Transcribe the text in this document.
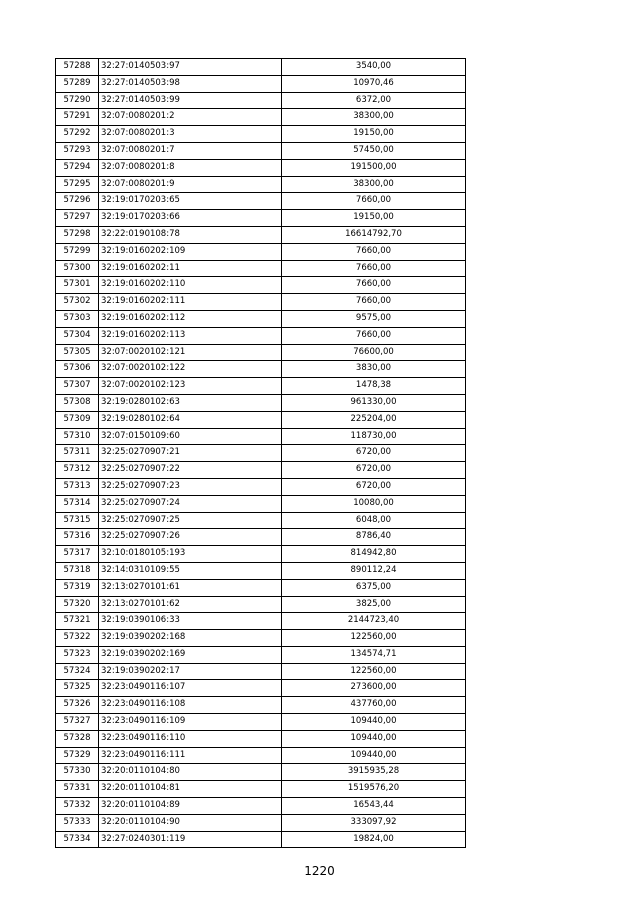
57288	32:27:0140503:97	3540,00
57289	32:27:0140503:98	10970,46
57290	32:27:0140503:99	6372,00
57291	32:07:0080201:2	38300,00
57292	32:07:0080201:3	19150,00
57293	32:07:0080201:7	57450,00
57294	32:07:0080201:8	191500,00
57295	32:07:0080201:9	38300,00
57296	32:19:0170203:65	7660,00
57297	32:19:0170203:66	19150,00
57298	32:22:0190108:78	16614792,70
57299	32:19:0160202:109	7660,00
57300	32:19:0160202:11	7660,00
57301	32:19:0160202:110	7660,00
57302	32:19:0160202:111	7660,00
57303	32:19:0160202:112	9575,00
57304	32:19:0160202:113	7660,00
57305	32:07:0020102:121	76600,00
57306	32:07:0020102:122	3830,00
57307	32:07:0020102:123	1478,38
57308	32:19:0280102:63	961330,00
57309	32:19:0280102:64	225204,00
57310	32:07:0150109:60	118730,00
57311	32:25:0270907:21	6720,00
57312	32:25:0270907:22	6720,00
57313	32:25:0270907:23	6720,00
57314	32:25:0270907:24	10080,00
57315	32:25:0270907:25	6048,00
57316	32:25:0270907:26	8786,40
57317	32:10:0180105:193	814942,80
57318	32:14:0310109:55	890112,24
57319	32:13:0270101:61	6375,00
57320	32:13:0270101:62	3825,00
57321	32:19:0390106:33	2144723,40
57322	32:19:0390202:168	122560,00
57323	32:19:0390202:169	134574,71
57324	32:19:0390202:17	122560,00
57325	32:23:0490116:107	273600,00
57326	32:23:0490116:108	437760,00
57327	32:23:0490116:109	109440,00
57328	32:23:0490116:110	109440,00
57329	32:23:0490116:111	109440,00
57330	32:20:0110104:80	3915935,28
57331	32:20:0110104:81	1519576,20
57332	32:20:0110104:89	16543,44
57333	32:20:0110104:90	333097,92
57334	32:27:0240301:119	19824,00
1220
